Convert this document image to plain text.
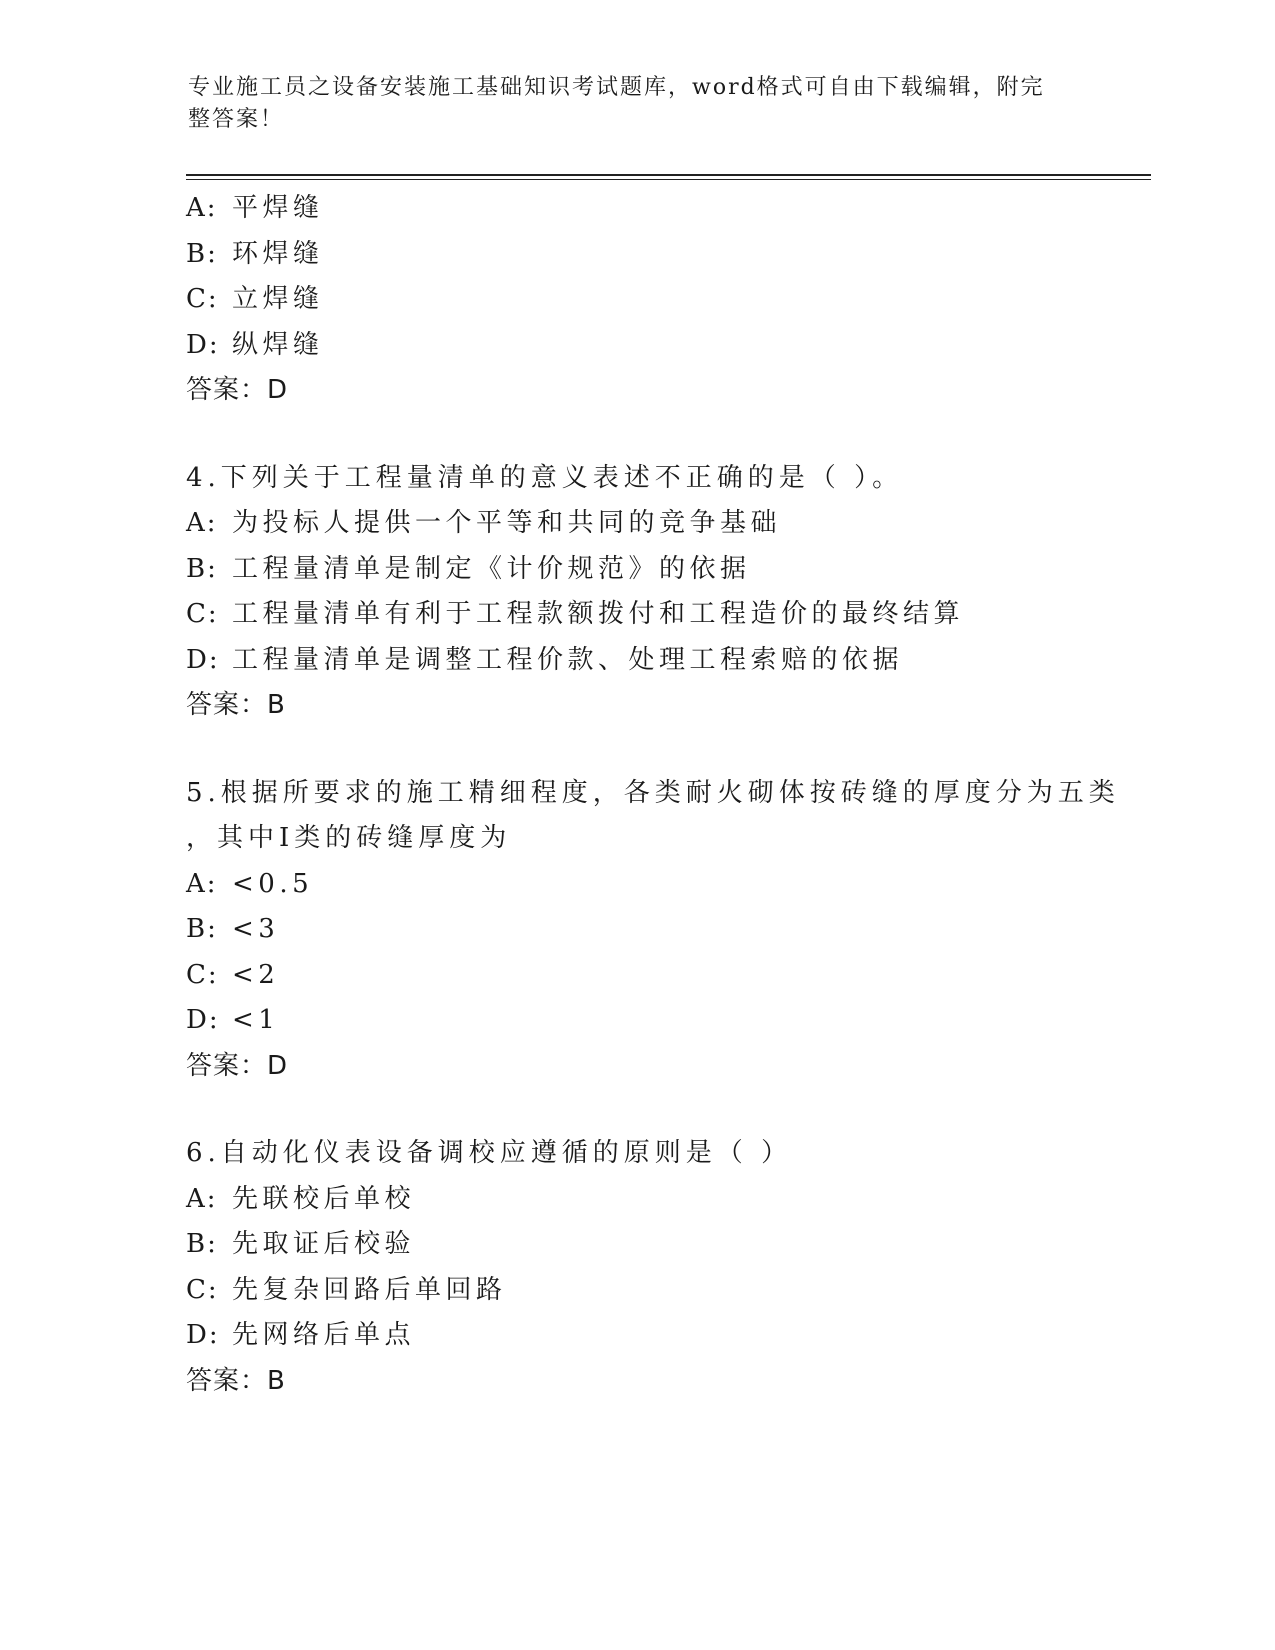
专业施工员之设备安装施工基础知识考试题库，word格式可自由下载编辑，附完
整答案！
A: 平焊缝
B: 环焊缝
C: 立焊缝
D: 纵焊缝
答案：D
4.下列关于工程量清单的意义表述不正确的是（ ）。
A: 为投标人提供一个平等和共同的竞争基础
B: 工程量清单是制定《计价规范》的依据
C: 工程量清单有利于工程款额拨付和工程造价的最终结算
D: 工程量清单是调整工程价款、处理工程索赔的依据
答案：B
5.根据所要求的施工精细程度，各类耐火砌体按砖缝的厚度分为五类
，其中I类的砖缝厚度为
A: <0.5
B: <3
C: <2
D: <1
答案：D
6.自动化仪表设备调校应遵循的原则是（ ）
A: 先联校后单校
B: 先取证后校验
C: 先复杂回路后单回路
D: 先网络后单点
答案：B
